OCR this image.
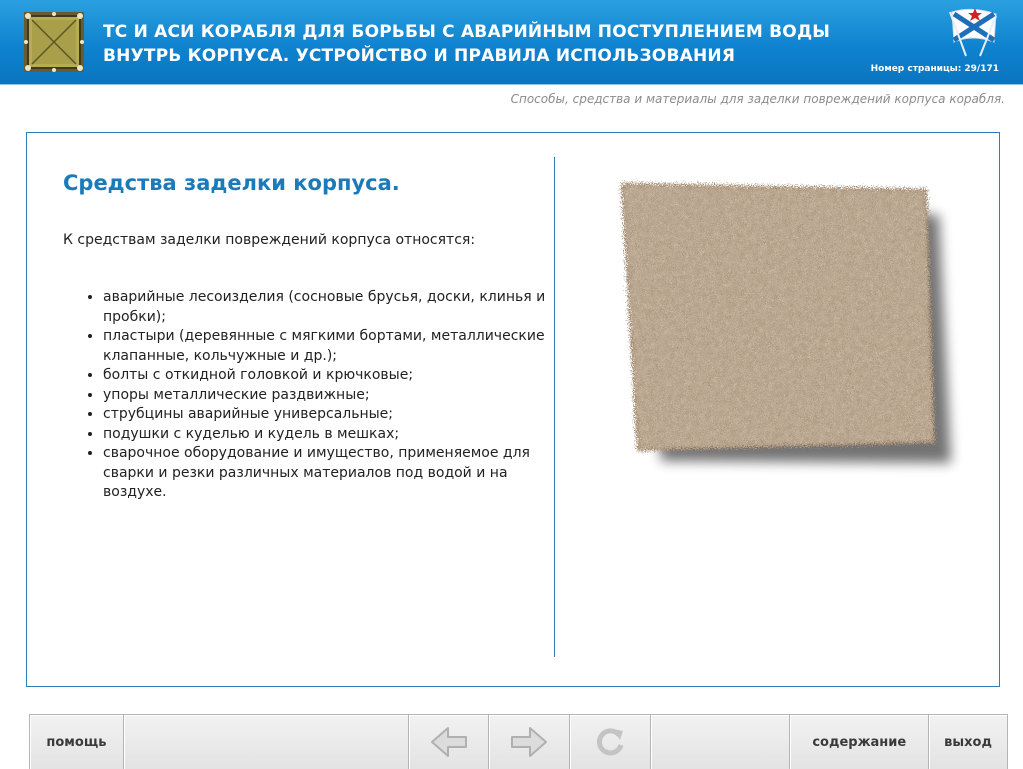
ТС И АСИ КОРАБЛЯ ДЛЯ БОРЬБЫ С АВАРИЙНЫМ ПОСТУПЛЕНИЕМ ВОДЫ
ВНУТРЬ КОРПУСА. УСТРОЙСТВО И ПРАВИЛА ИСПОЛЬЗОВАНИЯ
Номер страницы: 29/171
Способы, средства и материалы для заделки повреждений корпуса корабля.
Средства заделки корпуса.
К средствам заделки повреждений корпуса относятся:
• аварийные лесоизделия (сосновые брусья, доски, клинья и пробки);
• пластыри (деревянные с мягкими бортами, металлические клапанные, кольчужные и др.);
• болты с откидной головкой и крючковые;
• упоры металлические раздвижные;
• струбцины аварийные универсальные;
• подушки с куделью и кудель в мешках;
• сварочное оборудование и имущество, применяемое для сварки и резки различных материалов под водой и на воздухе.
помощь	содержание	выход
